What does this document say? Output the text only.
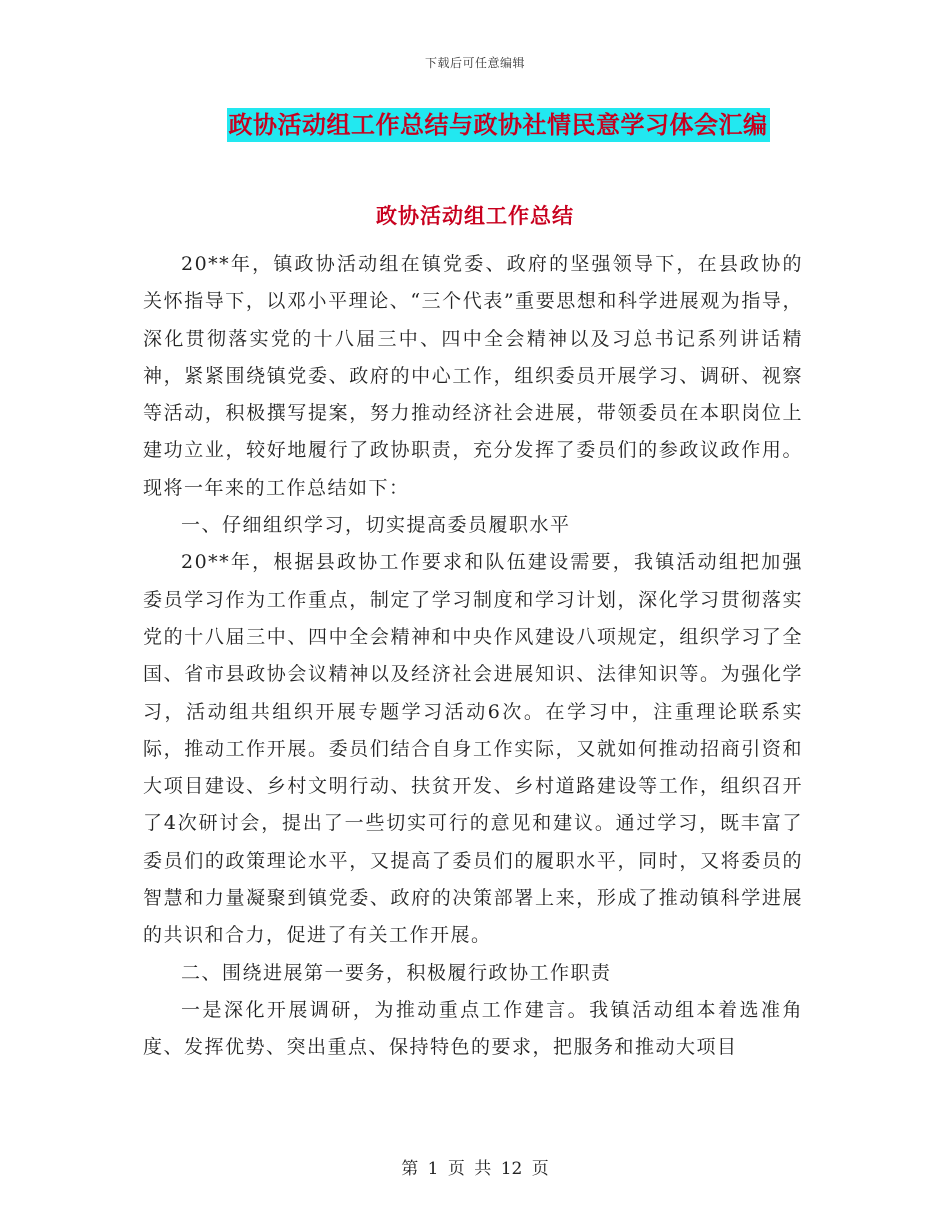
下载后可任意编辑
政协活动组工作总结与政协社情民意学习体会汇编
政协活动组工作总结

20**年，镇政协活动组在镇党委、政府的坚强领导下，在县政协的关怀指导下，以邓小平理论、“三个代表”重要思想和科学进展观为指导，深化贯彻落实党的十八届三中、四中全会精神以及习总书记系列讲话精神，紧紧围绕镇党委、政府的中心工作，组织委员开展学习、调研、视察等活动，积极撰写提案，努力推动经济社会进展，带领委员在本职岗位上建功立业，较好地履行了政协职责，充分发挥了委员们的参政议政作用。现将一年来的工作总结如下：

一、仔细组织学习，切实提高委员履职水平

20**年，根据县政协工作要求和队伍建设需要，我镇活动组把加强委员学习作为工作重点，制定了学习制度和学习计划，深化学习贯彻落实党的十八届三中、四中全会精神和中央作风建设八项规定，组织学习了全国、省市县政协会议精神以及经济社会进展知识、法律知识等。为强化学习，活动组共组织开展专题学习活动6次。在学习中，注重理论联系实际，推动工作开展。委员们结合自身工作实际，又就如何推动招商引资和大项目建设、乡村文明行动、扶贫开发、乡村道路建设等工作，组织召开了4次研讨会，提出了一些切实可行的意见和建议。通过学习，既丰富了委员们的政策理论水平，又提高了委员们的履职水平，同时，又将委员的智慧和力量凝聚到镇党委、政府的决策部署上来，形成了推动镇科学进展的共识和合力，促进了有关工作开展。

二、围绕进展第一要务，积极履行政协工作职责

一是深化开展调研，为推动重点工作建言。我镇活动组本着选准角度、发挥优势、突出重点、保持特色的要求，把服务和推动大项目

第 1 页 共 12 页
